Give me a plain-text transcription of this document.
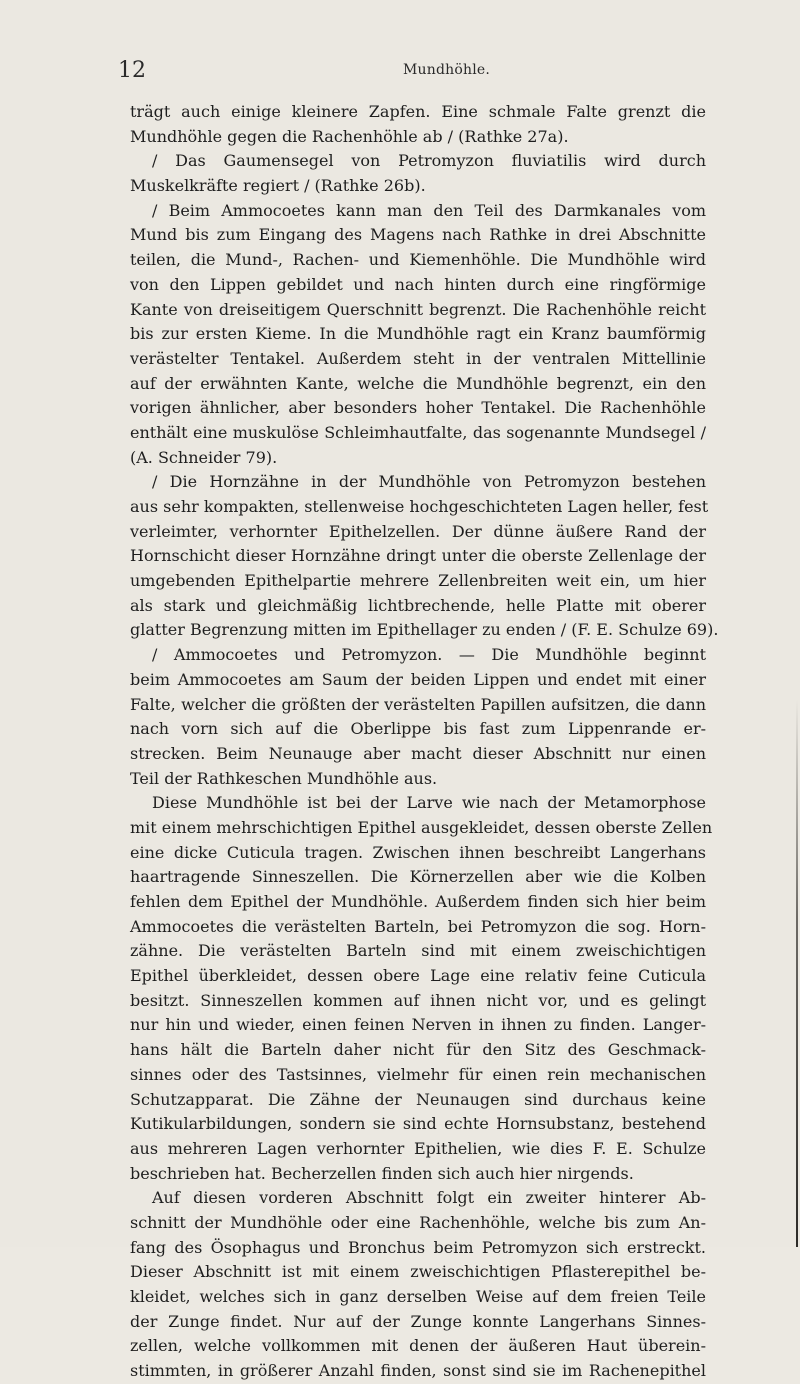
12	Mundhöhle.
trägt auch einige kleinere Zapfen. Eine schmale Falte grenzt die
Mundhöhle gegen die Rachenhöhle ab / (Rathke 27a).
/ Das Gaumensegel von Petromyzon fluviatilis wird durch
Muskelkräfte regiert / (Rathke 26b).
/ Beim Ammocoetes kann man den Teil des Darmkanales vom
Mund bis zum Eingang des Magens nach Rathke in drei Abschnitte
teilen, die Mund-, Rachen- und Kiemenhöhle. Die Mundhöhle wird
von den Lippen gebildet und nach hinten durch eine ringförmige
Kante von dreiseitigem Querschnitt begrenzt. Die Rachenhöhle reicht
bis zur ersten Kieme. In die Mundhöhle ragt ein Kranz baumförmig
verästelter Tentakel. Außerdem steht in der ventralen Mittellinie
auf der erwähnten Kante, welche die Mundhöhle begrenzt, ein den
vorigen ähnlicher, aber besonders hoher Tentakel. Die Rachenhöhle
enthält eine muskulöse Schleimhautfalte, das sogenannte Mundsegel /
(A. Schneider 79).
/ Die Hornzähne in der Mundhöhle von Petromyzon bestehen
aus sehr kompakten, stellenweise hochgeschichteten Lagen heller, fest
verleimter, verhornter Epithelzellen. Der dünne äußere Rand der
Hornschicht dieser Hornzähne dringt unter die oberste Zellenlage der
umgebenden Epithelpartie mehrere Zellenbreiten weit ein, um hier
als stark und gleichmäßig lichtbrechende, helle Platte mit oberer
glatter Begrenzung mitten im Epithellager zu enden / (F. E. Schulze 69).
/ Ammocoetes und Petromyzon. — Die Mundhöhle beginnt
beim Ammocoetes am Saum der beiden Lippen und endet mit einer
Falte, welcher die größten der verästelten Papillen aufsitzen, die dann
nach vorn sich auf die Oberlippe bis fast zum Lippenrande er-
strecken. Beim Neunauge aber macht dieser Abschnitt nur einen
Teil der Rathkeschen Mundhöhle aus.
Diese Mundhöhle ist bei der Larve wie nach der Metamorphose
mit einem mehrschichtigen Epithel ausgekleidet, dessen oberste Zellen
eine dicke Cuticula tragen. Zwischen ihnen beschreibt Langerhans
haartragende Sinneszellen. Die Körnerzellen aber wie die Kolben
fehlen dem Epithel der Mundhöhle. Außerdem finden sich hier beim
Ammocoetes die verästelten Barteln, bei Petromyzon die sog. Horn-
zähne. Die verästelten Barteln sind mit einem zweischichtigen
Epithel überkleidet, dessen obere Lage eine relativ feine Cuticula
besitzt. Sinneszellen kommen auf ihnen nicht vor, und es gelingt
nur hin und wieder, einen feinen Nerven in ihnen zu finden. Langer-
hans hält die Barteln daher nicht für den Sitz des Geschmack-
sinnes oder des Tastsinnes, vielmehr für einen rein mechanischen
Schutzapparat. Die Zähne der Neunaugen sind durchaus keine
Kutikularbildungen, sondern sie sind echte Hornsubstanz, bestehend
aus mehreren Lagen verhornter Epithelien, wie dies F. E. Schulze
beschrieben hat. Becherzellen finden sich auch hier nirgends.
Auf diesen vorderen Abschnitt folgt ein zweiter hinterer Ab-
schnitt der Mundhöhle oder eine Rachenhöhle, welche bis zum An-
fang des Ösophagus und Bronchus beim Petromyzon sich erstreckt.
Dieser Abschnitt ist mit einem zweischichtigen Pflasterepithel be-
kleidet, welches sich in ganz derselben Weise auf dem freien Teile
der Zunge findet. Nur auf der Zunge konnte Langerhans Sinnes-
zellen, welche vollkommen mit denen der äußeren Haut überein-
stimmten, in größerer Anzahl finden, sonst sind sie im Rachenepithel
